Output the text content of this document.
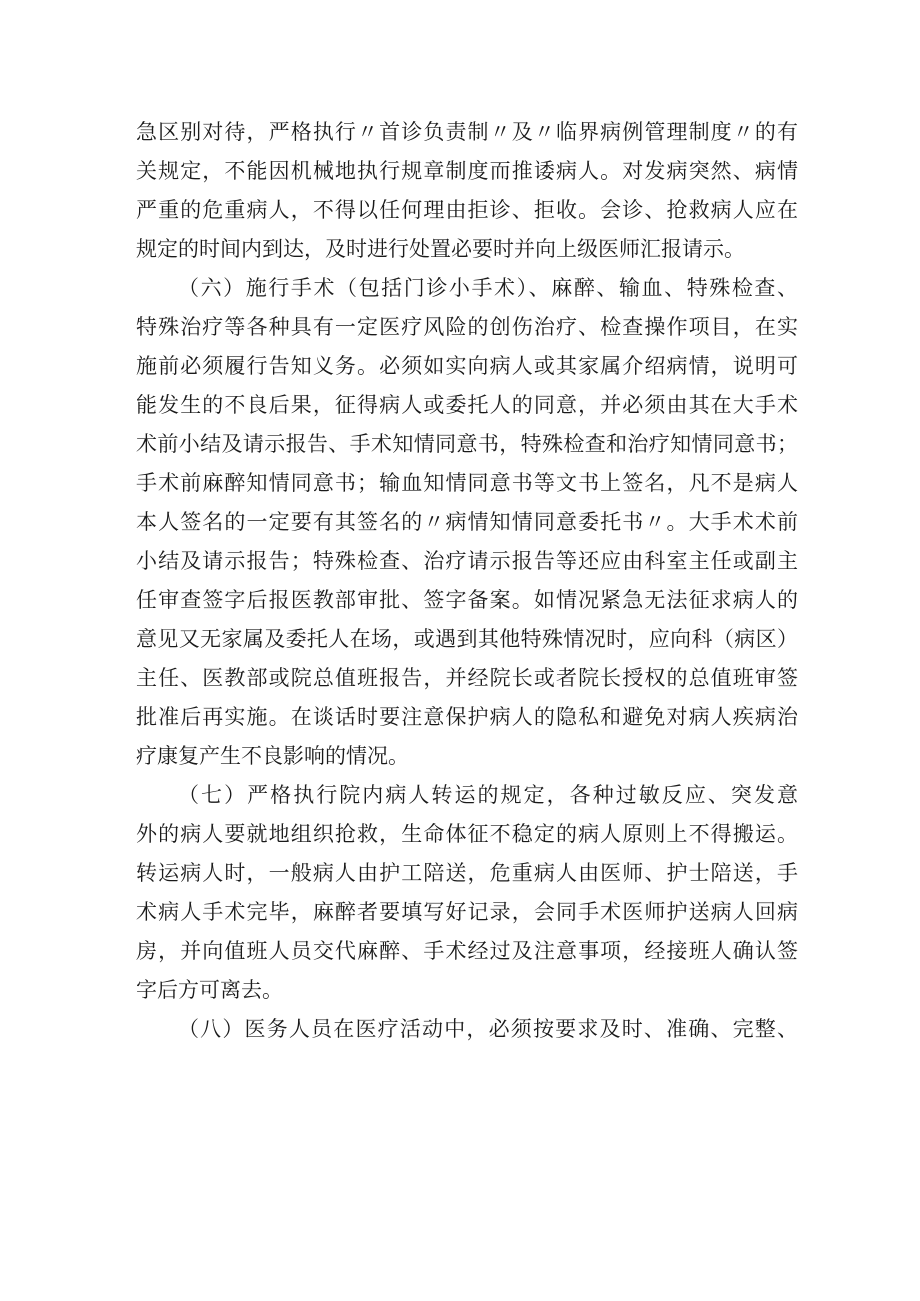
急区别对待，严格执行〃首诊负责制〃及〃临界病例管理制度〃的有
关规定，不能因机械地执行规章制度而推诿病人。对发病突然、病情
严重的危重病人，不得以任何理由拒诊、拒收。会诊、抢救病人应在
规定的时间内到达，及时进行处置必要时并向上级医师汇报请示。
（六）施行手术（包括门诊小手术）、麻醉、输血、特殊检查、
特殊治疗等各种具有一定医疗风险的创伤治疗、检查操作项目，在实
施前必须履行告知义务。必须如实向病人或其家属介绍病情，说明可
能发生的不良后果，征得病人或委托人的同意，并必须由其在大手术
术前小结及请示报告、手术知情同意书，特殊检查和治疗知情同意书；
手术前麻醉知情同意书；输血知情同意书等文书上签名，凡不是病人
本人签名的一定要有其签名的〃病情知情同意委托书〃。大手术术前
小结及请示报告；特殊检查、治疗请示报告等还应由科室主任或副主
任审查签字后报医教部审批、签字备案。如情况紧急无法征求病人的
意见又无家属及委托人在场，或遇到其他特殊情况时，应向科（病区）
主任、医教部或院总值班报告，并经院长或者院长授权的总值班审签
批准后再实施。在谈话时要注意保护病人的隐私和避免对病人疾病治
疗康复产生不良影响的情况。
（七）严格执行院内病人转运的规定，各种过敏反应、突发意
外的病人要就地组织抢救，生命体征不稳定的病人原则上不得搬运。
转运病人时，一般病人由护工陪送，危重病人由医师、护士陪送，手
术病人手术完毕，麻醉者要填写好记录，会同手术医师护送病人回病
房，并向值班人员交代麻醉、手术经过及注意事项，经接班人确认签
字后方可离去。
（八）医务人员在医疗活动中，必须按要求及时、准确、完整、
